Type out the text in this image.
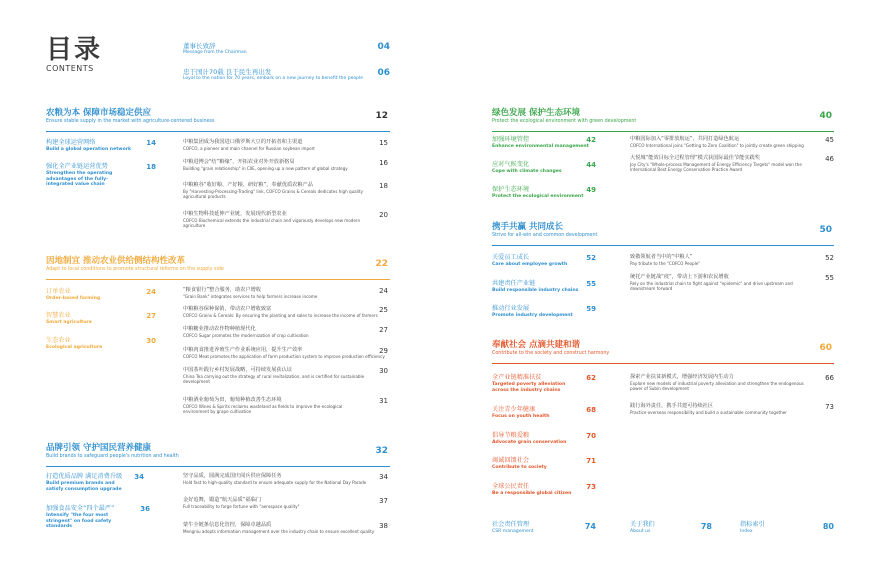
目录
CONTENTS
董事长致辞
Message from the Chairman
04
忠于国计70载 良于民生再出发
Loyal to the nation for 70 years, embark on a new journey to benefit the people
06
农粮为本 保障市场稳定供应
Ensure stable supply in the market with agriculture-centered business
12
构建全球运营网络
Build a global operation network
14
强化全产业链运营优势
Strengthen the operating advantages of the fully-integrated value chain
18
中粮集团成为我国进口俄罗斯大豆的开拓者和主渠道
COFCO, a pioneer and main channel for Russian soybean import
15
中粮进博会"结“粮缘”，开拓农业对外开放新格局
Building "grain relationship" in CIIE, opening up a new pattern of global strategy
16
中粮粮谷“收好粮、产好粮、研好粮”，奉献优质农粮产品
By "Harvesting-Processing-Trading" link, COFCO Grains & Cereals dedicates high quality agricultural products
18
中粮生物科技延伸产业链，发展现代新型农业
COFCO Biochemical extends the industrial chain and vigorously develops new modern agriculture
20
因地制宜 推动农业供给侧结构性改革
Adapt to local conditions to promote structural reforms on the supply side
22
订单农业
Order-based farming
24
智慧农业
Smart agriculture
27
生态农业
Ecological agriculture
30
“粮食银行”整合服务，助农户增收
"Grain Bank" integrates services to help farmers increase income
24
中粮粮谷保种保销，带动农户增收致富
COFCO Grains & Cereals: By ensuring the planting and sales to increase the income of farmers
25
中粮糖业推动农作物种植现代化
COFCO Sugar promotes the modernization of crop cultivation
27
中粮肉食推进养殖生产作业系统应用，提升生产效率
COFCO Meat promotes the application of farm production system to improve production efficiency
29
中国茶叶践行乡村发展战略，可持续发展获认证
China Tea carrying out the strategy of rural revitalization, and is certified for sustainable development
30
中粮酒业葡萄为田，葡萄种植改善生态环境
COFCO Wines & Spirits reclaims wasteland as fields to improve the ecological environment by grape cultivation
31
品牌引领 守护国民营养健康
Build brands to safeguard people's nutrition and health
32
打造优质品牌 满足消费升级
Build premium brands and satisfy consumption upgrade
34
加强食品安全“四个最严”
Intensify "the four most stringent" on food safety standards
36
坚守品质，圆满完成国庆阅兵供应保障任务
Hold fast to high-quality standard to ensure adequate supply for the National Day Parade
34
金好追舞，锻造“航天品质”福临门
Full traceability to forge fortune with "aerospace quality"
37
蒙牛全链条信息化管控，保障卓越品质
Mengniu adopts information management over the industry chain to ensure excellent quality
38
绿色发展 保护生态环境
Protect the ecological environment with green development
40
加强环境管控
Enhance environmental management
42
应对气候变化
Cope with climate changes
44
保护生态环境
Protect the ecological environment
49
中粮国际加入“零排放航运”，共同打造绿色航运
COFCO International joins "Getting to Zero Coalition" to jointly create green shipping
45
大悦城“能效目标全过程管理”模式获国际最佳节能实践奖
Joy City's "Whole-process Management of Energy Efficiency Targets" model won the International Best Energy Conservation Practice Award
46
携手共赢 共同成长
Strive for all-win and common development
50
关爱员工成长
Care about employee growth
52
共建责任产业链
Build responsible industry chains
55
推动行业发展
Promote industry development
59
致敬领航者当中的“中粮人”
Pay tribute to the "COFCO People"
52
统托产业链战“疫”，带动上下游和农民增收
Rely on the industrial chain to fight against "epidemic" and drive upstream and downstream forward
55
奉献社会 点滴共建和谐
Contribute to the society and construct harmony
60
全产业链精准扶贫
Targeted poverty alleviation across the industry chains
62
关注青少年健康
Focus on youth health
68
倡导节粮爱粮
Advocate grain conservation
70
竭诚回馈社会
Contribute to society
71
全球公民责任
Be a responsible global citizen
73
探索产业扶贫新模式，增强经济发展内生动力
Explore new models of industrial poverty alleviation and strengthen the endogenous power of Subin development
66
践行海外责任，携手共建可持续社区
Practice overseas responsibility and build a sustainable community together
73
社会责任管理
CSR management
74	关于我们
About us
78	指标索引
Index
80
